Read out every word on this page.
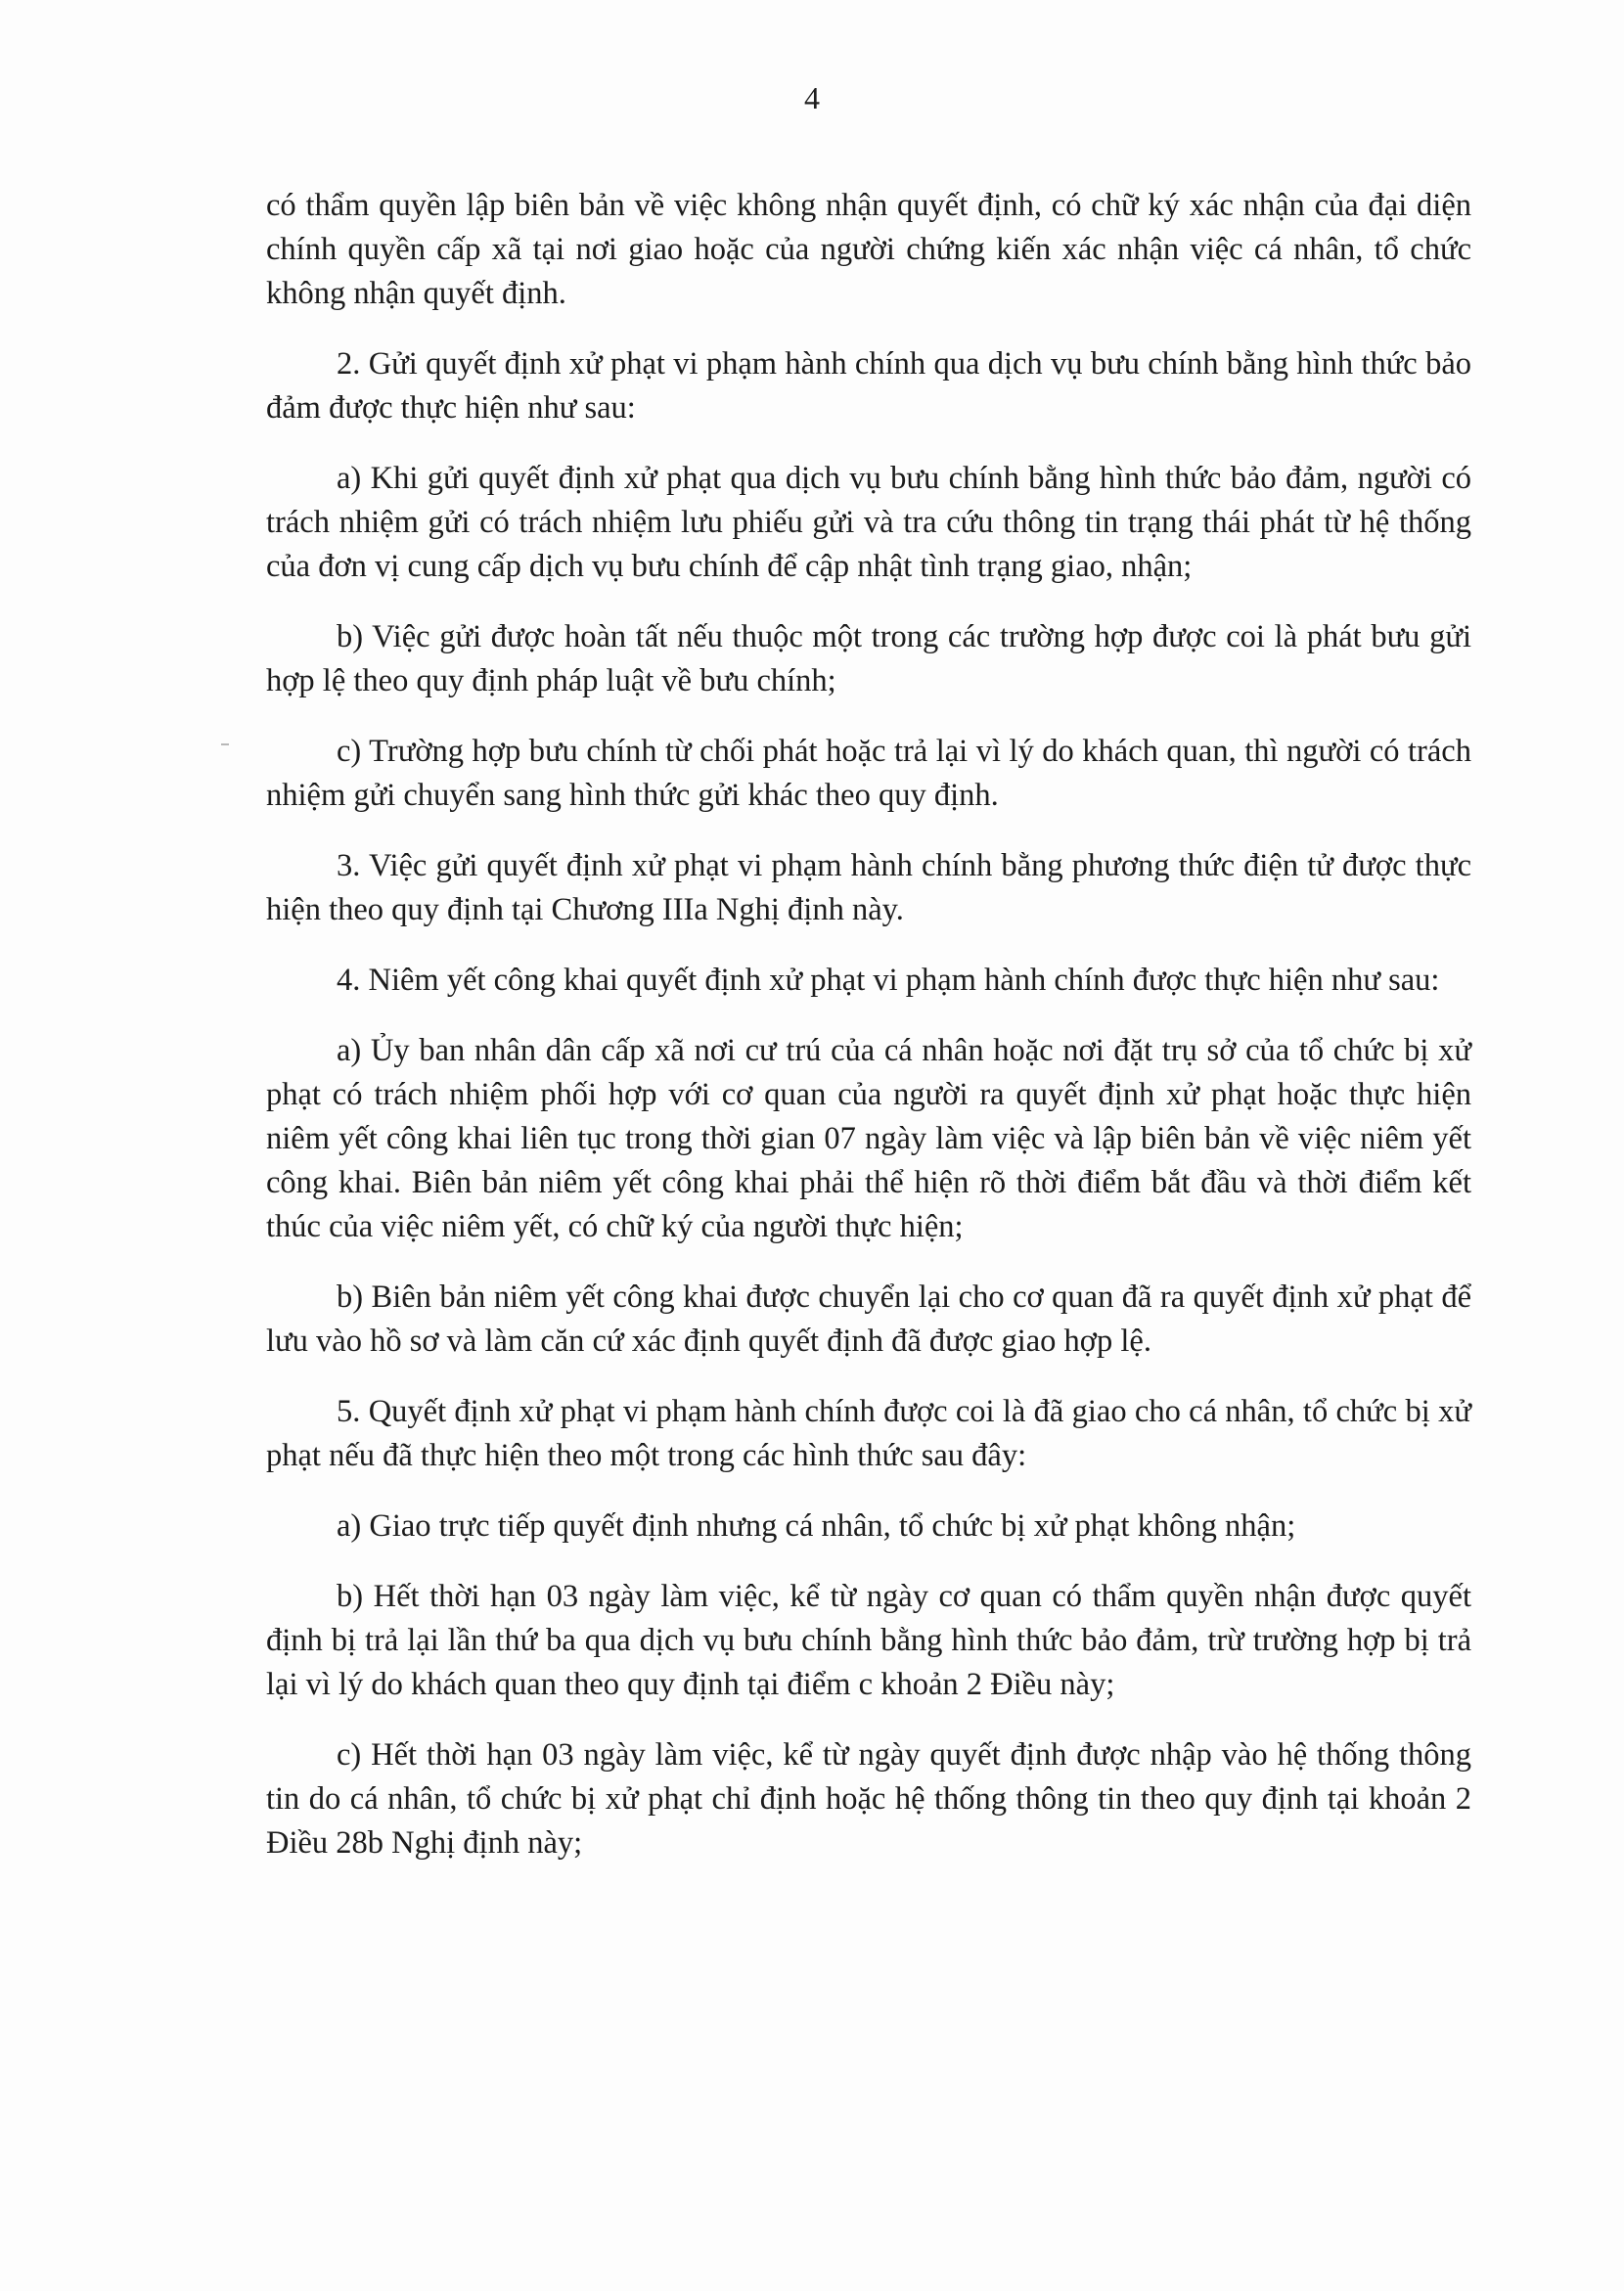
4

có thẩm quyền lập biên bản về việc không nhận quyết định, có chữ ký xác nhận của đại diện chính quyền cấp xã tại nơi giao hoặc của người chứng kiến xác nhận việc cá nhân, tổ chức không nhận quyết định.

2. Gửi quyết định xử phạt vi phạm hành chính qua dịch vụ bưu chính bằng hình thức bảo đảm được thực hiện như sau:

a) Khi gửi quyết định xử phạt qua dịch vụ bưu chính bằng hình thức bảo đảm, người có trách nhiệm gửi có trách nhiệm lưu phiếu gửi và tra cứu thông tin trạng thái phát từ hệ thống của đơn vị cung cấp dịch vụ bưu chính để cập nhật tình trạng giao, nhận;

b) Việc gửi được hoàn tất nếu thuộc một trong các trường hợp được coi là phát bưu gửi hợp lệ theo quy định pháp luật về bưu chính;

c) Trường hợp bưu chính từ chối phát hoặc trả lại vì lý do khách quan, thì người có trách nhiệm gửi chuyển sang hình thức gửi khác theo quy định.

3. Việc gửi quyết định xử phạt vi phạm hành chính bằng phương thức điện tử được thực hiện theo quy định tại Chương IIIa Nghị định này.

4. Niêm yết công khai quyết định xử phạt vi phạm hành chính được thực hiện như sau:

a) Ủy ban nhân dân cấp xã nơi cư trú của cá nhân hoặc nơi đặt trụ sở của tổ chức bị xử phạt có trách nhiệm phối hợp với cơ quan của người ra quyết định xử phạt hoặc thực hiện niêm yết công khai liên tục trong thời gian 07 ngày làm việc và lập biên bản về việc niêm yết công khai. Biên bản niêm yết công khai phải thể hiện rõ thời điểm bắt đầu và thời điểm kết thúc của việc niêm yết, có chữ ký của người thực hiện;

b) Biên bản niêm yết công khai được chuyển lại cho cơ quan đã ra quyết định xử phạt để lưu vào hồ sơ và làm căn cứ xác định quyết định đã được giao hợp lệ.

5. Quyết định xử phạt vi phạm hành chính được coi là đã giao cho cá nhân, tổ chức bị xử phạt nếu đã thực hiện theo một trong các hình thức sau đây:

a) Giao trực tiếp quyết định nhưng cá nhân, tổ chức bị xử phạt không nhận;

b) Hết thời hạn 03 ngày làm việc, kể từ ngày cơ quan có thẩm quyền nhận được quyết định bị trả lại lần thứ ba qua dịch vụ bưu chính bằng hình thức bảo đảm, trừ trường hợp bị trả lại vì lý do khách quan theo quy định tại điểm c khoản 2 Điều này;

c) Hết thời hạn 03 ngày làm việc, kể từ ngày quyết định được nhập vào hệ thống thông tin do cá nhân, tổ chức bị xử phạt chỉ định hoặc hệ thống thông tin theo quy định tại khoản 2 Điều 28b Nghị định này;
